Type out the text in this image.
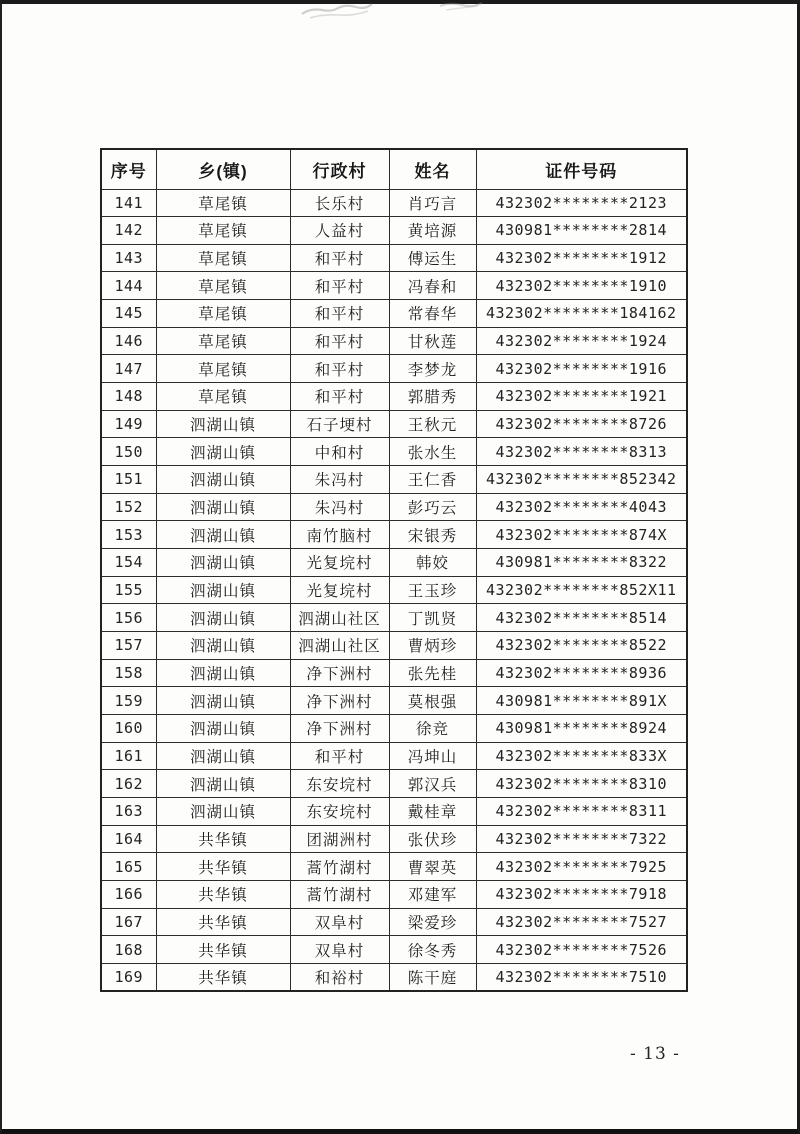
序号	乡(镇)	行政村	姓名	证件号码
141	草尾镇	长乐村	肖巧言	432302********2123
142	草尾镇	人益村	黄培源	430981********2814
143	草尾镇	和平村	傅运生	432302********1912
144	草尾镇	和平村	冯春和	432302********1910
145	草尾镇	和平村	常春华	432302********184162
146	草尾镇	和平村	甘秋莲	432302********1924
147	草尾镇	和平村	李梦龙	432302********1916
148	草尾镇	和平村	郭腊秀	432302********1921
149	泗湖山镇	石子埂村	王秋元	432302********8726
150	泗湖山镇	中和村	张水生	432302********8313
151	泗湖山镇	朱冯村	王仁香	432302********852342
152	泗湖山镇	朱冯村	彭巧云	432302********4043
153	泗湖山镇	南竹脑村	宋银秀	432302********874X
154	泗湖山镇	光复垸村	韩姣	430981********8322
155	泗湖山镇	光复垸村	王玉珍	432302********852X11
156	泗湖山镇	泗湖山社区	丁凯贤	432302********8514
157	泗湖山镇	泗湖山社区	曹炳珍	432302********8522
158	泗湖山镇	净下洲村	张先桂	432302********8936
159	泗湖山镇	净下洲村	莫根强	430981********891X
160	泗湖山镇	净下洲村	徐竞	430981********8924
161	泗湖山镇	和平村	冯坤山	432302********833X
162	泗湖山镇	东安垸村	郭汉兵	432302********8310
163	泗湖山镇	东安垸村	戴桂章	432302********8311
164	共华镇	团湖洲村	张伏珍	432302********7322
165	共华镇	蒿竹湖村	曹翠英	432302********7925
166	共华镇	蒿竹湖村	邓建军	432302********7918
167	共华镇	双阜村	梁爱珍	432302********7527
168	共华镇	双阜村	徐冬秀	432302********7526
169	共华镇	和裕村	陈干庭	432302********7510
- 13 -
